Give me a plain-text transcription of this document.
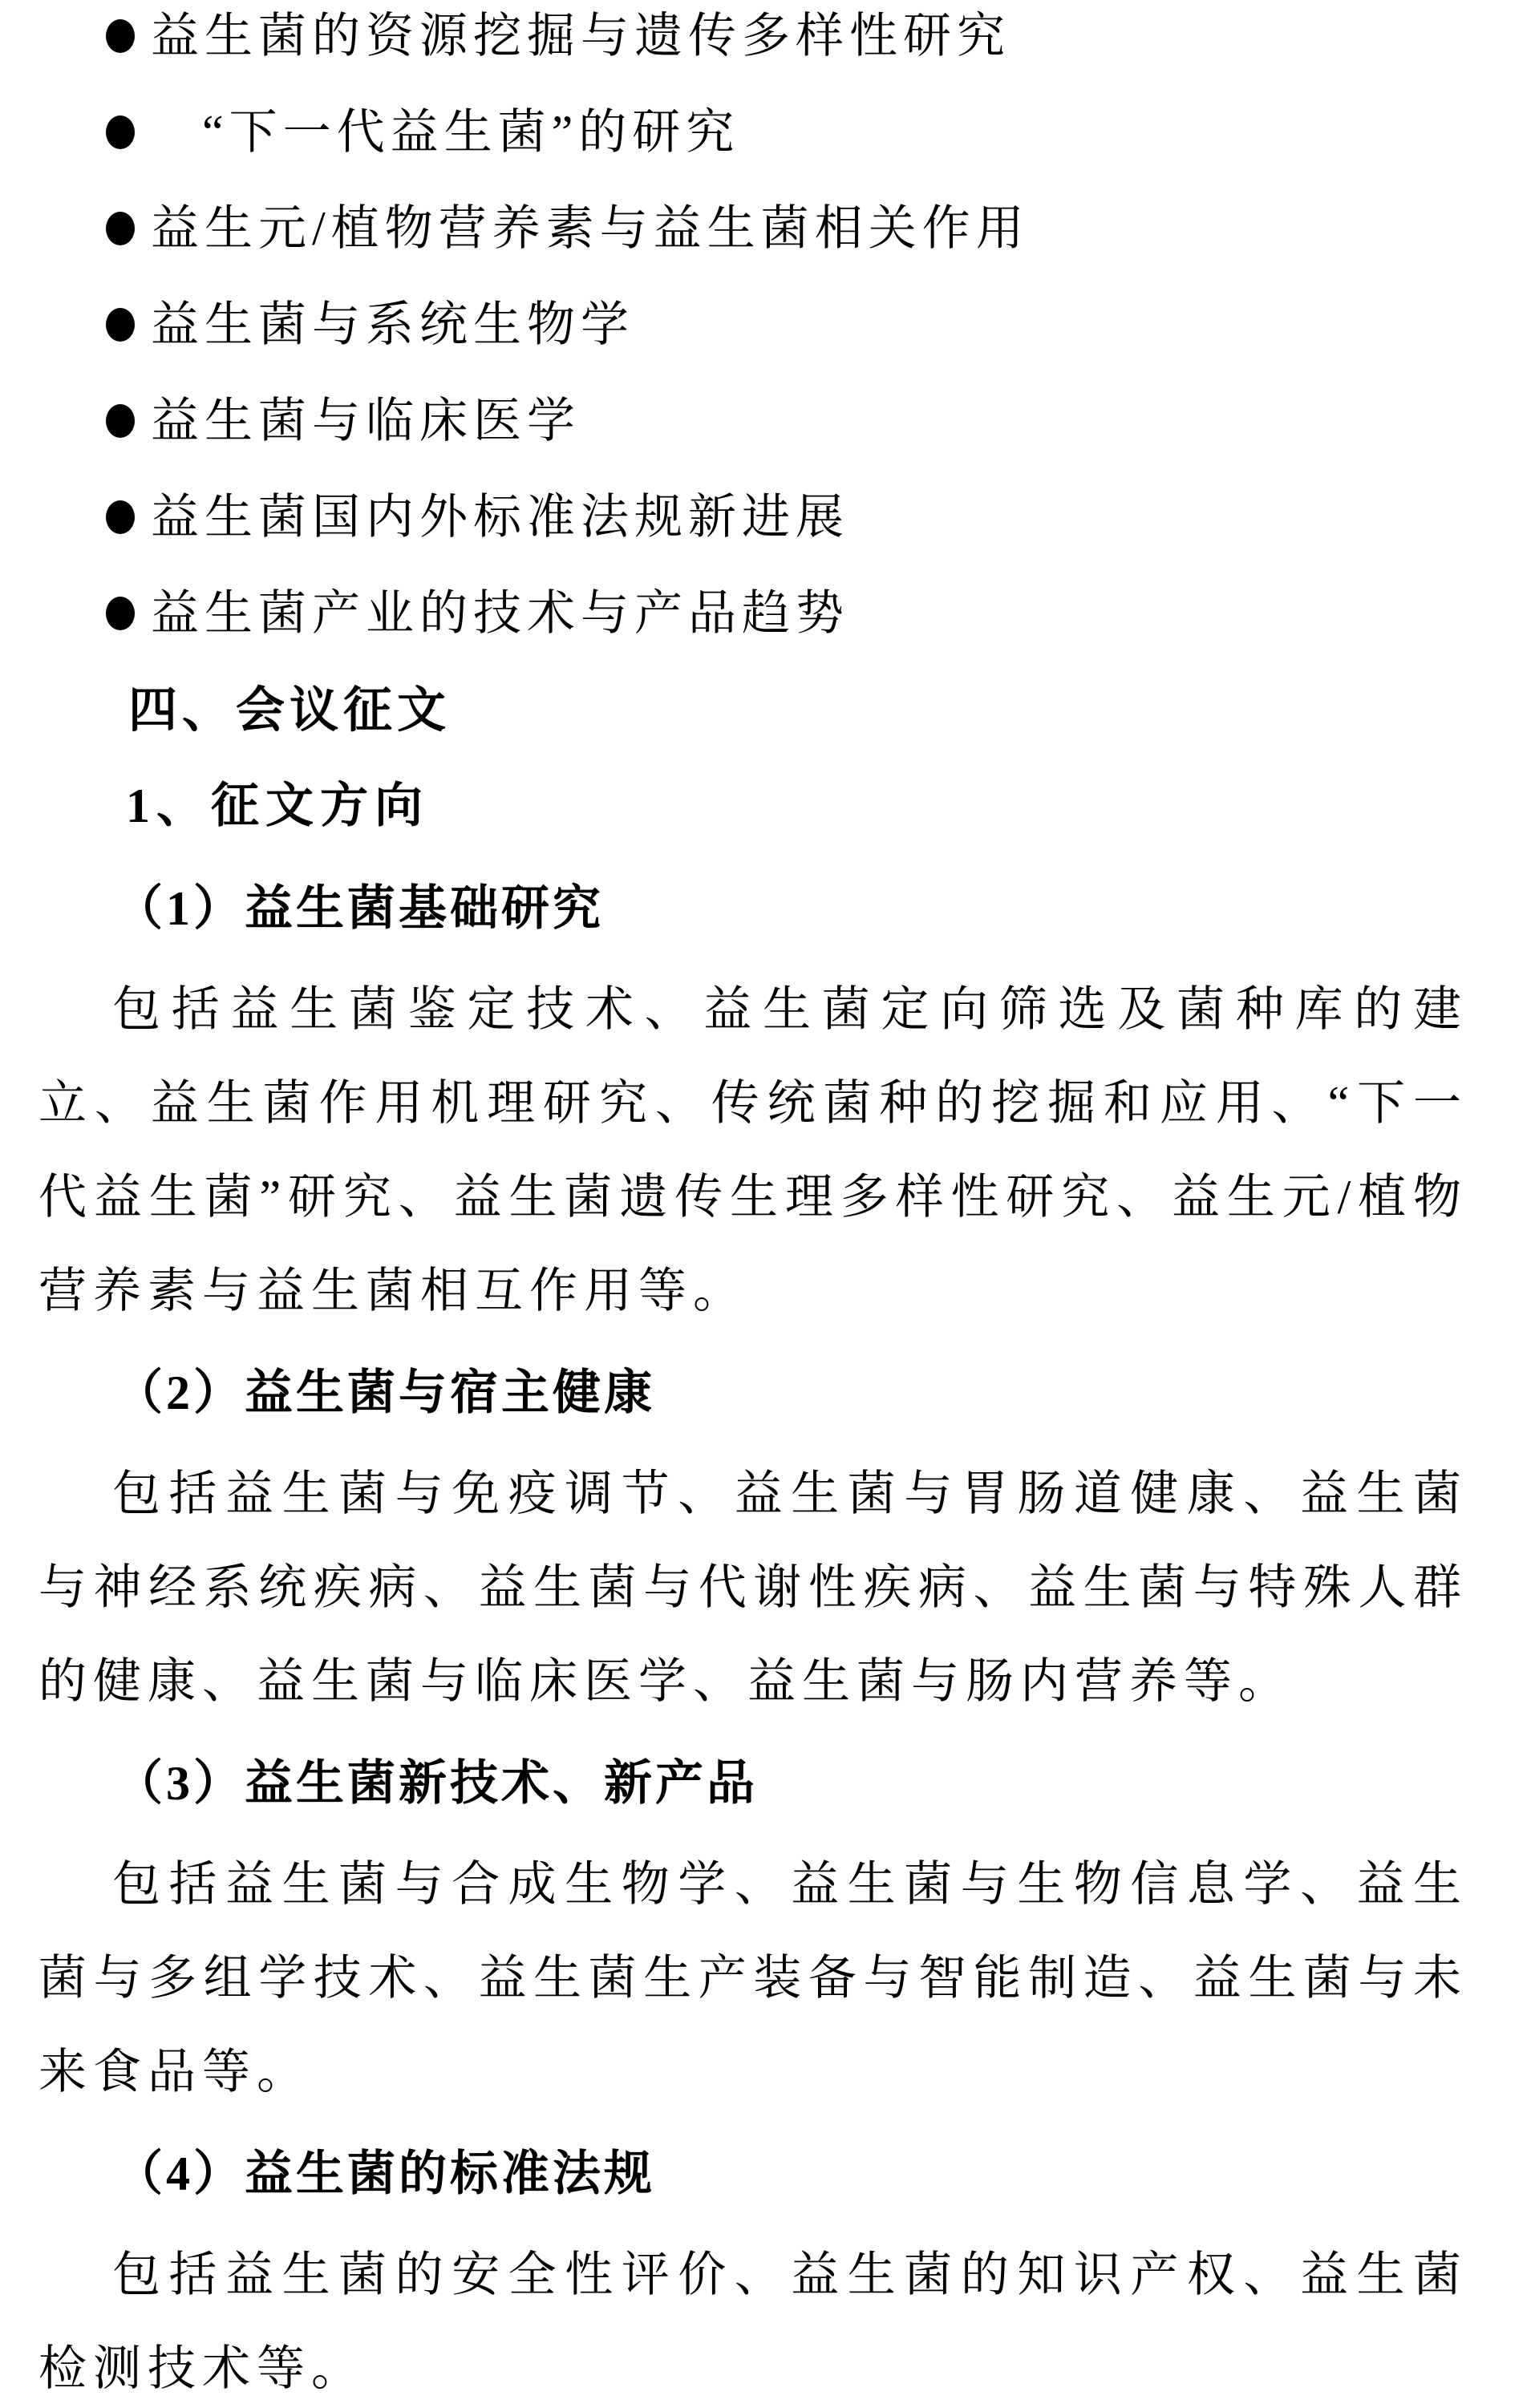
益生菌的资源挖掘与遗传多样性研究
“下一代益生菌”的研究
益生元/植物营养素与益生菌相关作用
益生菌与系统生物学
益生菌与临床医学
益生菌国内外标准法规新进展
益生菌产业的技术与产品趋势
四、会议征文
1、征文方向
（1）益生菌基础研究

包括益生菌鉴定技术、益生菌定向筛选及菌种库的建立、益生菌作用机理研究、传统菌种的挖掘和应用、“下一代益生菌”研究、益生菌遗传生理多样性研究、益生元/植物营养素与益生菌相互作用等。

（2）益生菌与宿主健康

包括益生菌与免疫调节、益生菌与胃肠道健康、益生菌与神经系统疾病、益生菌与代谢性疾病、益生菌与特殊人群的健康、益生菌与临床医学、益生菌与肠内营养等。

（3）益生菌新技术、新产品

包括益生菌与合成生物学、益生菌与生物信息学、益生菌与多组学技术、益生菌生产装备与智能制造、益生菌与未来食品等。

（4）益生菌的标准法规

包括益生菌的安全性评价、益生菌的知识产权、益生菌检测技术等。
